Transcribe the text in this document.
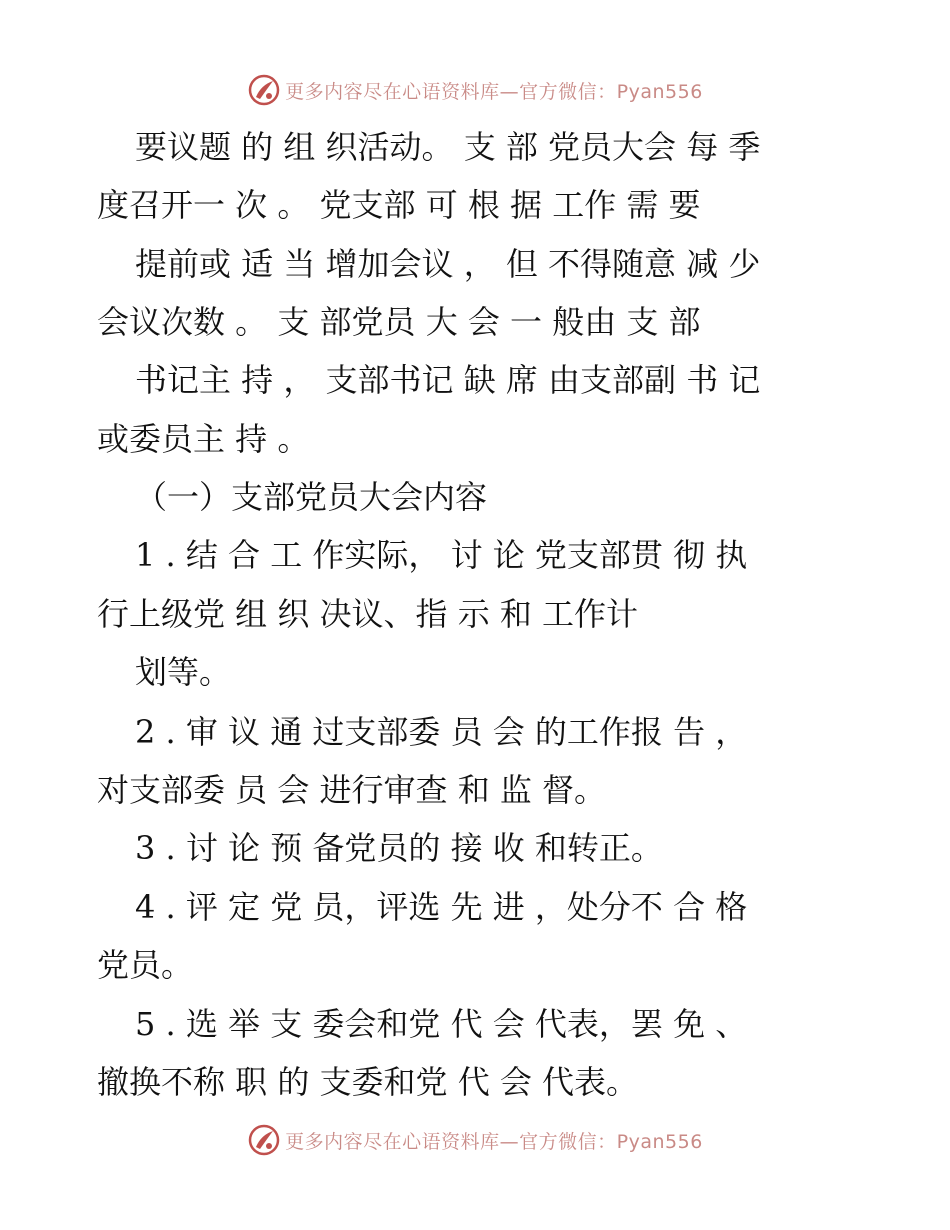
更多内容尽在心语资料库—官方微信：Pyan556
要议题 的 组 织活动。 支 部 党员大会 每 季
度召开一 次 。 党支部 可 根 据 工作 需 要
提前或 适 当 增加会议 ， 但 不得随意 减 少
会议次数 。 支 部党员 大 会 一 般由 支 部
书记主 持 ， 支部书记 缺 席 由支部副 书 记
或委员主 持 。
（一）支部党员大会内容
1 . 结 合 工 作实际， 讨 论 党支部贯 彻 执
行上级党 组 织 决议、指 示 和 工作计
划等。
2 . 审 议 通 过支部委 员 会 的工作报 告 ，
对支部委 员 会 进行审查 和 监 督。
3 . 讨 论 预 备党员的 接 收 和转正。
4 . 评 定 党 员，评选 先 进 ，处分不 合 格
党员。
5 . 选 举 支 委会和党 代 会 代表，罢 免 、
撤换不称 职 的 支委和党 代 会 代表。
更多内容尽在心语资料库—官方微信：Pyan556
